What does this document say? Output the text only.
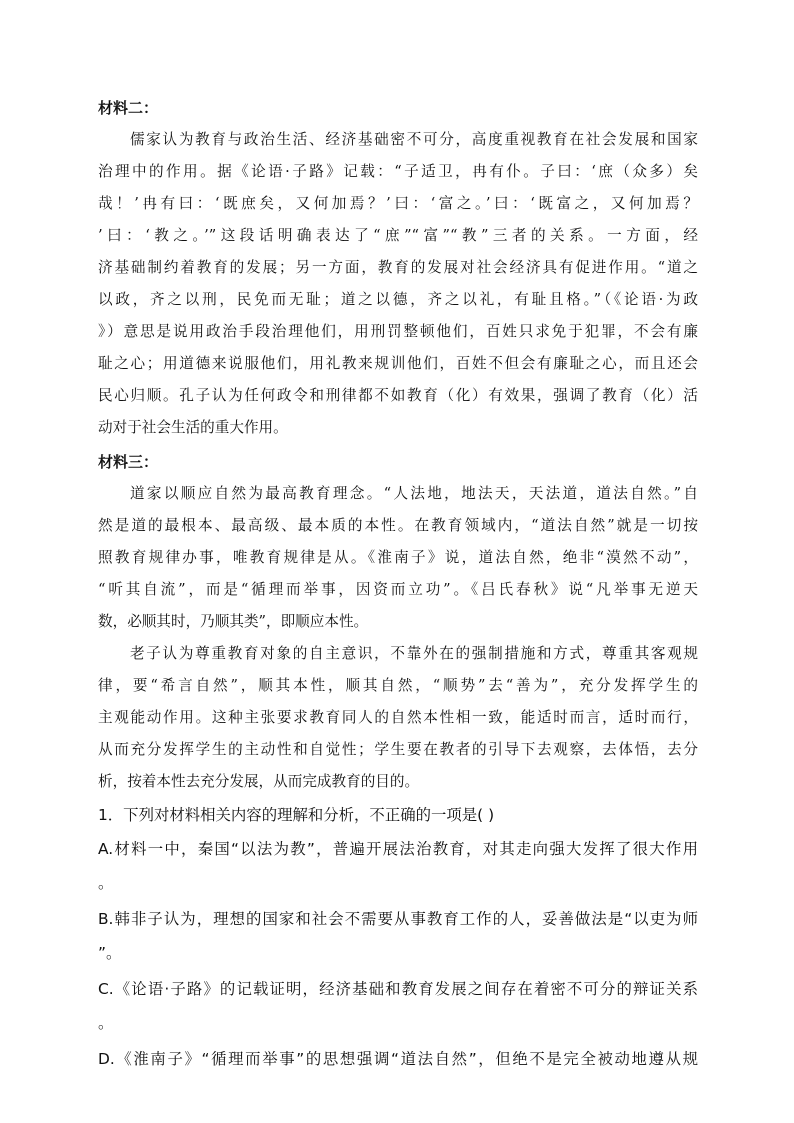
材料二：
儒家认为教育与政治生活、经济基础密不可分，高度重视教育在社会发展和国家
治理中的作用。据《论语·子路》记载：“子适卫，冉有仆。子曰：‘庶（众多）矣
哉！’冉有曰：‘既庶矣，又何加焉？’曰：‘富之。’曰：‘既富之，又何加焉？
’曰：‘教之。’”这段话明确表达了“庶”“富”“教”三者的关系。一方面，经
济基础制约着教育的发展；另一方面，教育的发展对社会经济具有促进作用。“道之
以政，齐之以刑，民免而无耻；道之以德，齐之以礼，有耻且格。”（《论语·为政
》）意思是说用政治手段治理他们，用刑罚整顿他们，百姓只求免于犯罪，不会有廉
耻之心；用道德来说服他们，用礼教来规训他们，百姓不但会有廉耻之心，而且还会
民心归顺。孔子认为任何政令和刑律都不如教育（化）有效果，强调了教育（化）活
动对于社会生活的重大作用。
材料三：
道家以顺应自然为最高教育理念。“人法地，地法天，天法道，道法自然。”自
然是道的最根本、最高级、最本质的本性。在教育领域内，“道法自然”就是一切按
照教育规律办事，唯教育规律是从。《淮南子》说，道法自然，绝非“漠然不动”，
“听其自流”，而是“循理而举事，因资而立功”。《吕氏春秋》说“凡举事无逆天
数，必顺其时，乃顺其类”，即顺应本性。
老子认为尊重教育对象的自主意识，不靠外在的强制措施和方式，尊重其客观规
律，要“希言自然”，顺其本性，顺其自然，“顺势”去“善为”，充分发挥学生的
主观能动作用。这种主张要求教育同人的自然本性相一致，能适时而言，适时而行，
从而充分发挥学生的主动性和自觉性；学生要在教者的引导下去观察，去体悟，去分
析，按着本性去充分发展，从而完成教育的目的。
1．下列对材料相关内容的理解和分析，不正确的一项是( )
A.材料一中，秦国“以法为教”，普遍开展法治教育，对其走向强大发挥了很大作用
。
B.韩非子认为，理想的国家和社会不需要从事教育工作的人，妥善做法是“以吏为师
”。
C.《论语·子路》的记载证明，经济基础和教育发展之间存在着密不可分的辩证关系
。
D.《淮南子》“循理而举事”的思想强调“道法自然”，但绝不是完全被动地遵从规
